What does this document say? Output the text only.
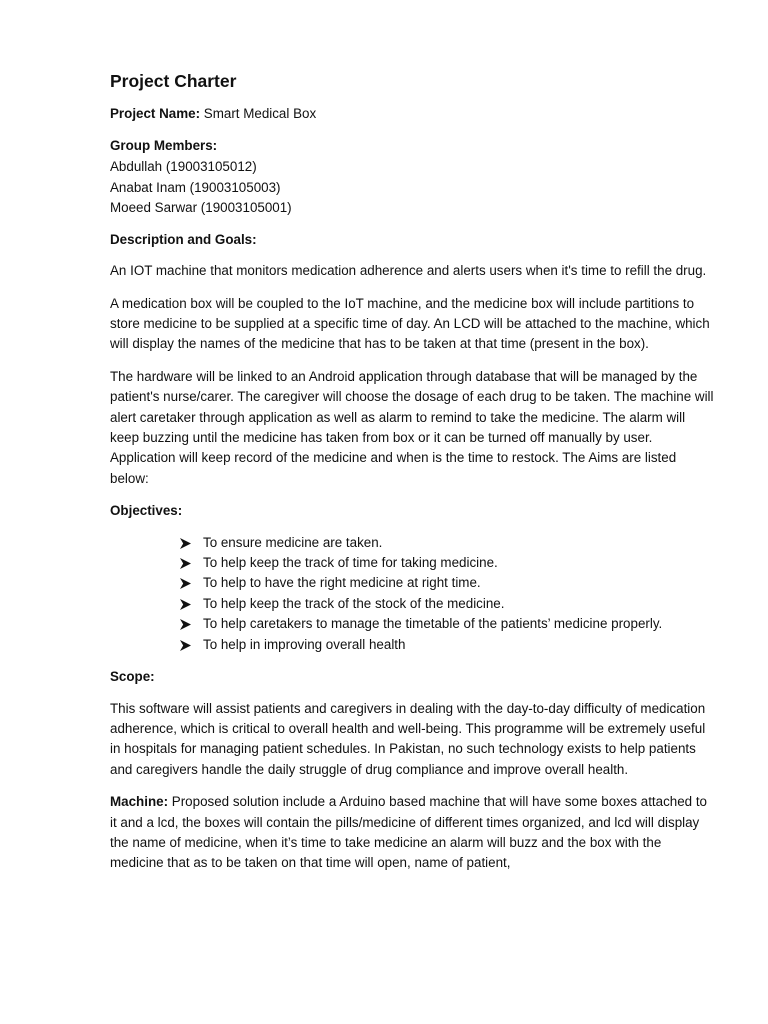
Project Charter

Project Name: Smart Medical Box

Group Members:
Abdullah (19003105012)
Anabat Inam (19003105003)
Moeed Sarwar (19003105001)
Description and Goals:

An IOT machine that monitors medication adherence and alerts users when it's time to refill the drug.

A medication box will be coupled to the IoT machine, and the medicine box will include partitions to store medicine to be supplied at a specific time of day. An LCD will be attached to the machine, which will display the names of the medicine that has to be taken at that time (present in the box).

The hardware will be linked to an Android application through database that will be managed by the patient's nurse/carer. The caregiver will choose the dosage of each drug to be taken. The machine will alert caretaker through application as well as alarm to remind to take the medicine. The alarm will keep buzzing until the medicine has taken from box or it can be turned off manually by user. Application will keep record of the medicine and when is the time to restock. The Aims are listed below:

Objectives:
To ensure medicine are taken.
To help keep the track of time for taking medicine.
To help to have the right medicine at right time.
To help keep the track of the stock of the medicine.
To help caretakers to manage the timetable of the patients’ medicine properly.
To help in improving overall health
Scope:

This software will assist patients and caregivers in dealing with the day-to-day difficulty of medication adherence, which is critical to overall health and well-being. This programme will be extremely useful in hospitals for managing patient schedules. In Pakistan, no such technology exists to help patients and caregivers handle the daily struggle of drug compliance and improve overall health.

Machine: Proposed solution include a Arduino based machine that will have some boxes attached to it and a lcd, the boxes will contain the pills/medicine of different times organized, and lcd will display the name of medicine, when it’s time to take medicine an alarm will buzz and the box with the medicine that as to be taken on that time will open, name of patient,
